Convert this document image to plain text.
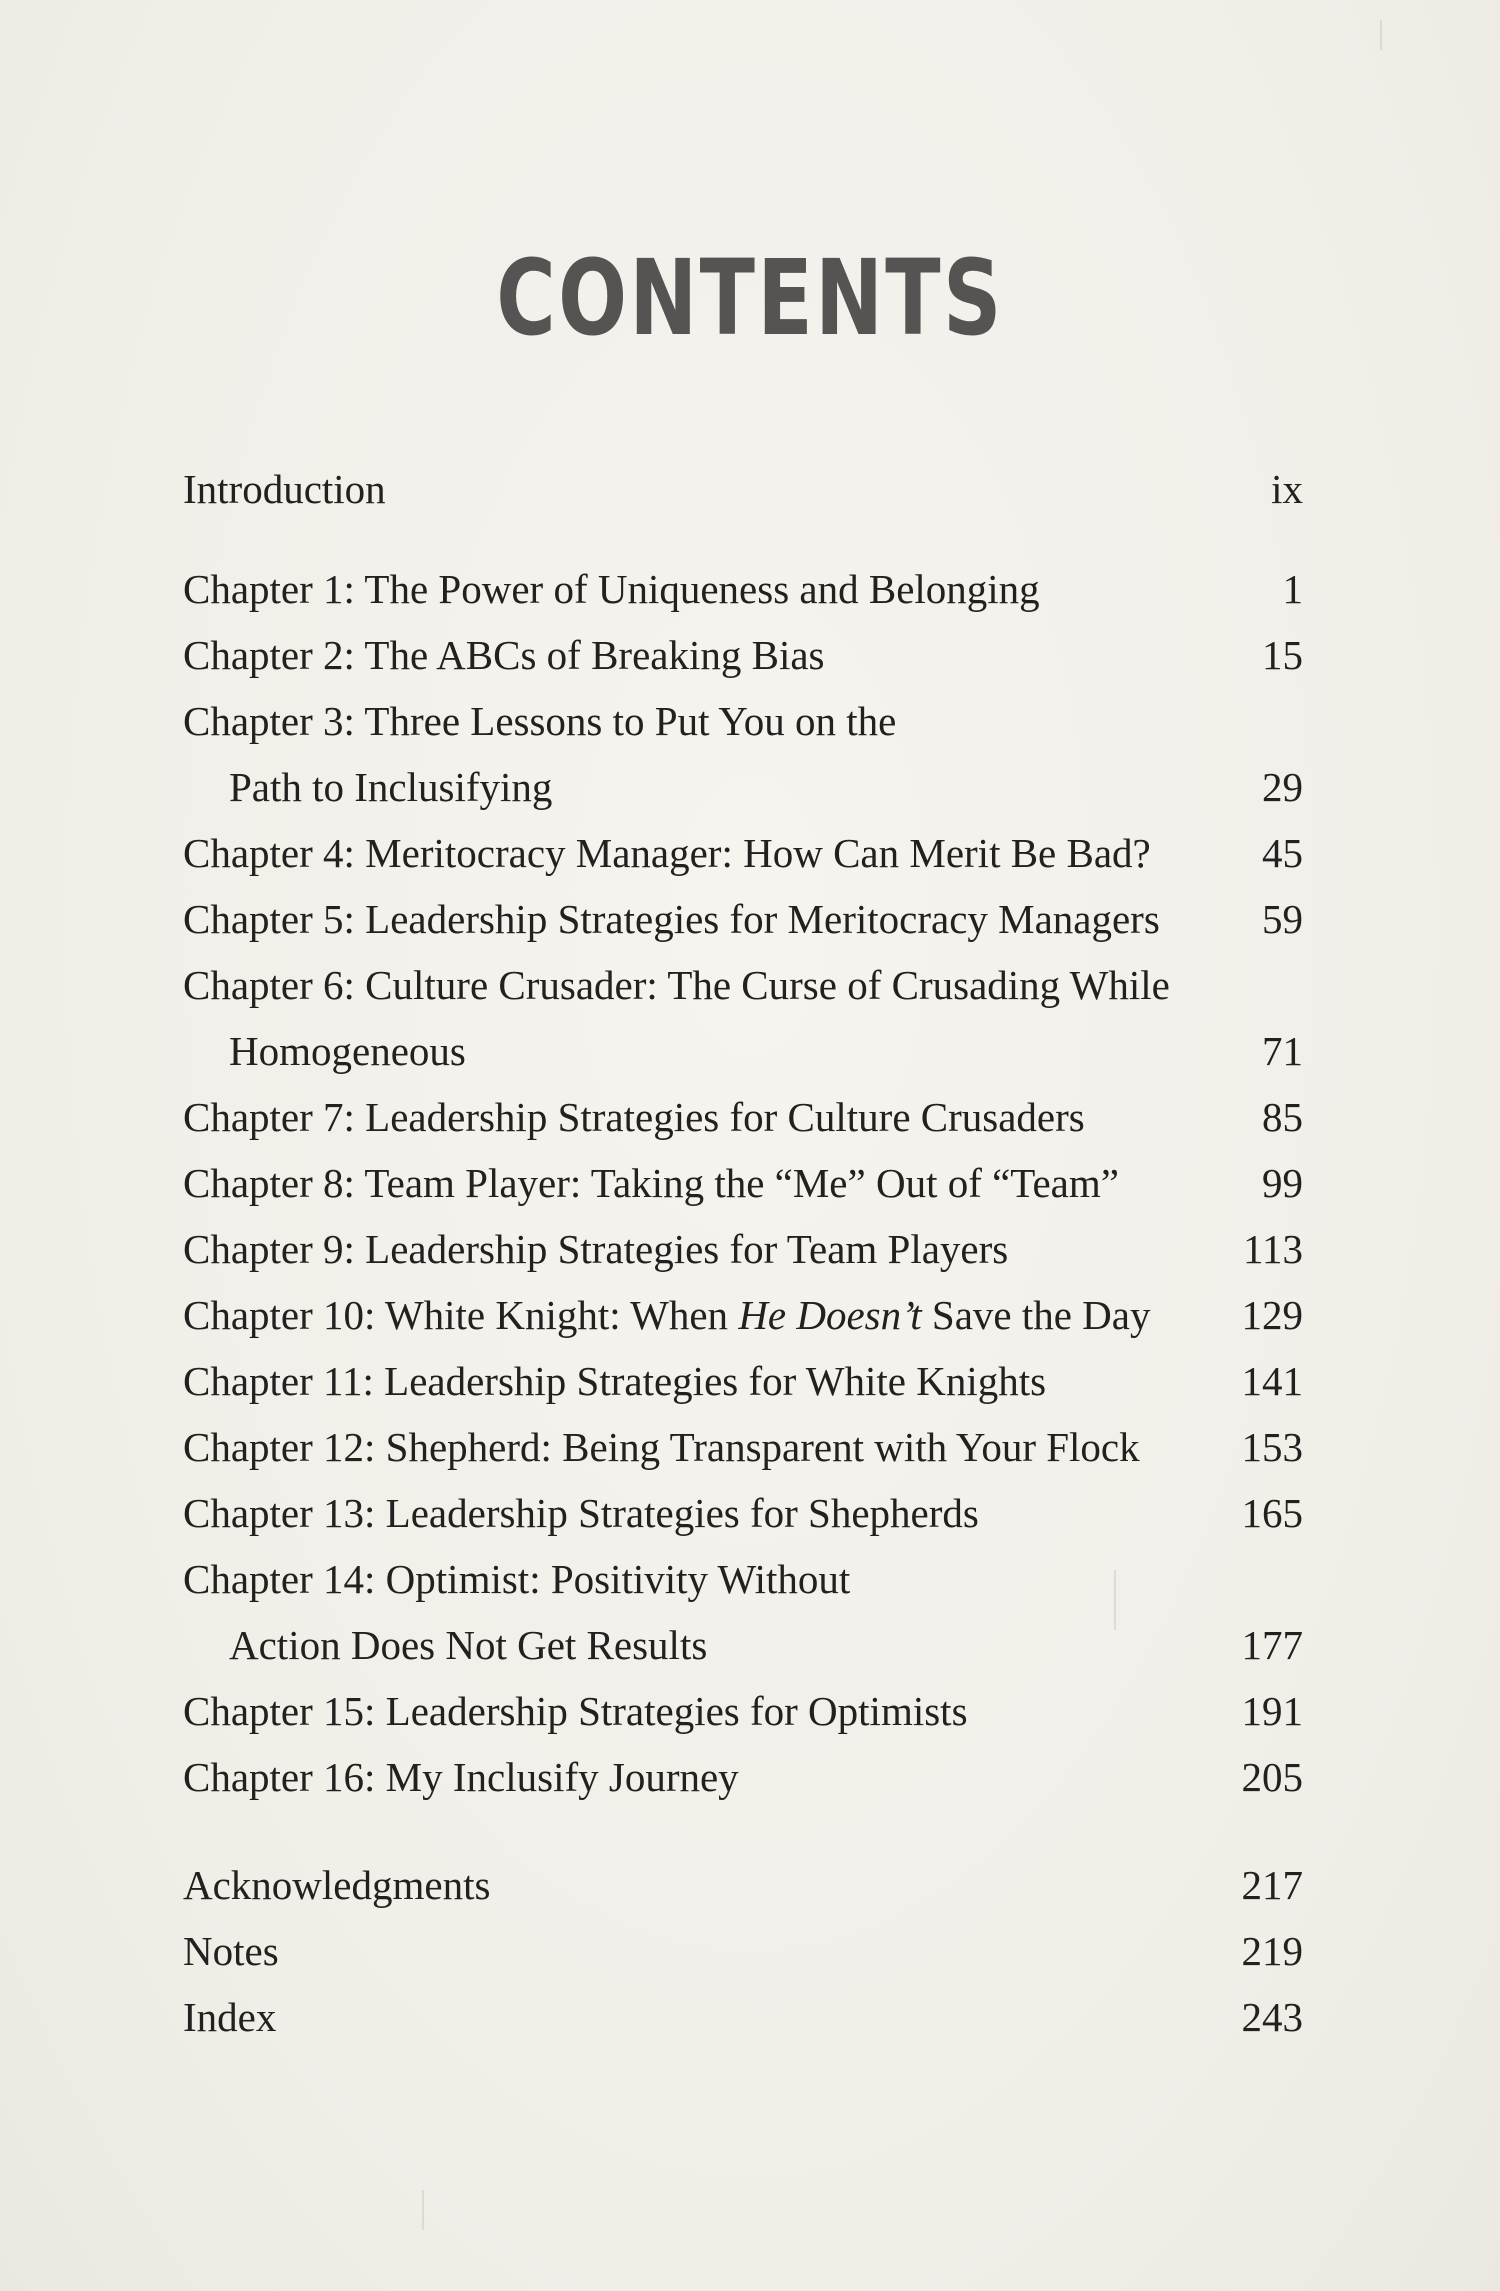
CONTENTS
Introduction	ix
Chapter 1: The Power of Uniqueness and Belonging	1
Chapter 2: The ABCs of Breaking Bias	15
Chapter 3: Three Lessons to Put You on the
Path to Inclusifying	29
Chapter 4: Meritocracy Manager: How Can Merit Be Bad?	45
Chapter 5: Leadership Strategies for Meritocracy Managers 59
Chapter 6: Culture Crusader: The Curse of Crusading While
Homogeneous	71
Chapter 7: Leadership Strategies for Culture Crusaders	85
Chapter 8: Team Player: Taking the “Me” Out of “Team”	99
Chapter 9: Leadership Strategies for Team Players	113
Chapter 10: White Knight: When He Doesn’t Save the Day 129
Chapter 11: Leadership Strategies for White Knights	141
Chapter 12: Shepherd: Being Transparent with Your Flock 153
Chapter 13: Leadership Strategies for Shepherds	165
Chapter 14: Optimist: Positivity Without
Action Does Not Get Results	177
Chapter 15: Leadership Strategies for Optimists	191
Chapter 16: My Inclusify Journey	205
Acknowledgments	217
Notes	219
Index	243
